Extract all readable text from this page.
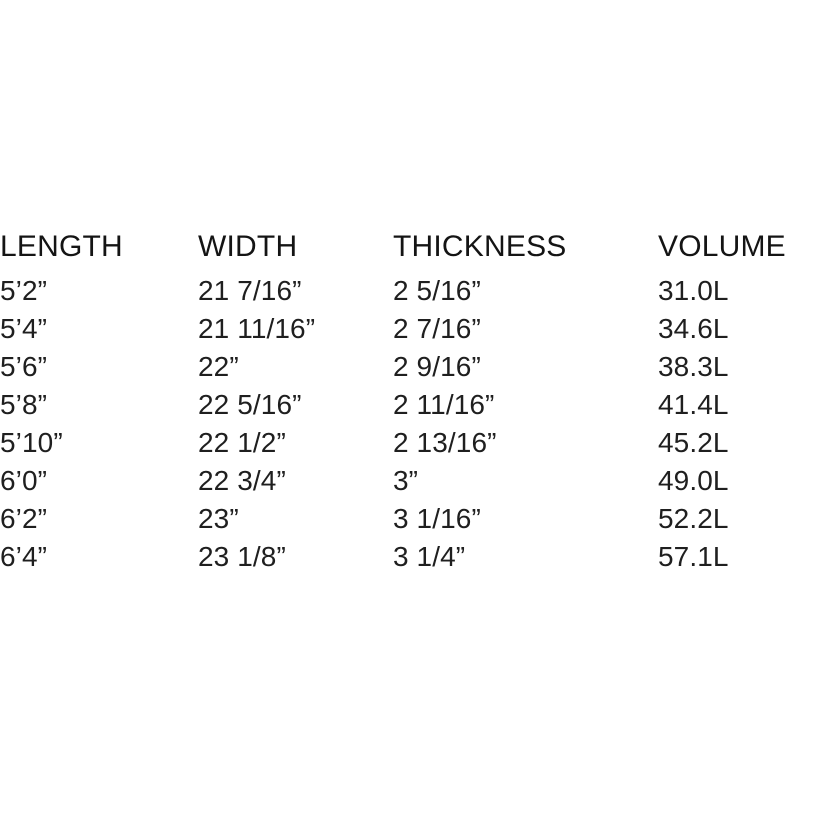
LENGTH	WIDTH	THICKNESS	VOLUME
5’2”	21 7/16”	2 5/16”	31.0L
5’4”	21 11/16”	2 7/16”	34.6L
5’6”	22”	2 9/16”	38.3L
5’8”	22 5/16”	2 11/16”	41.4L
5’10”	22 1/2”	2 13/16”	45.2L
6’0”	22 3/4”	3”	49.0L
6’2”	23”	3 1/16”	52.2L
6’4”	23 1/8”	3 1/4”	57.1L
